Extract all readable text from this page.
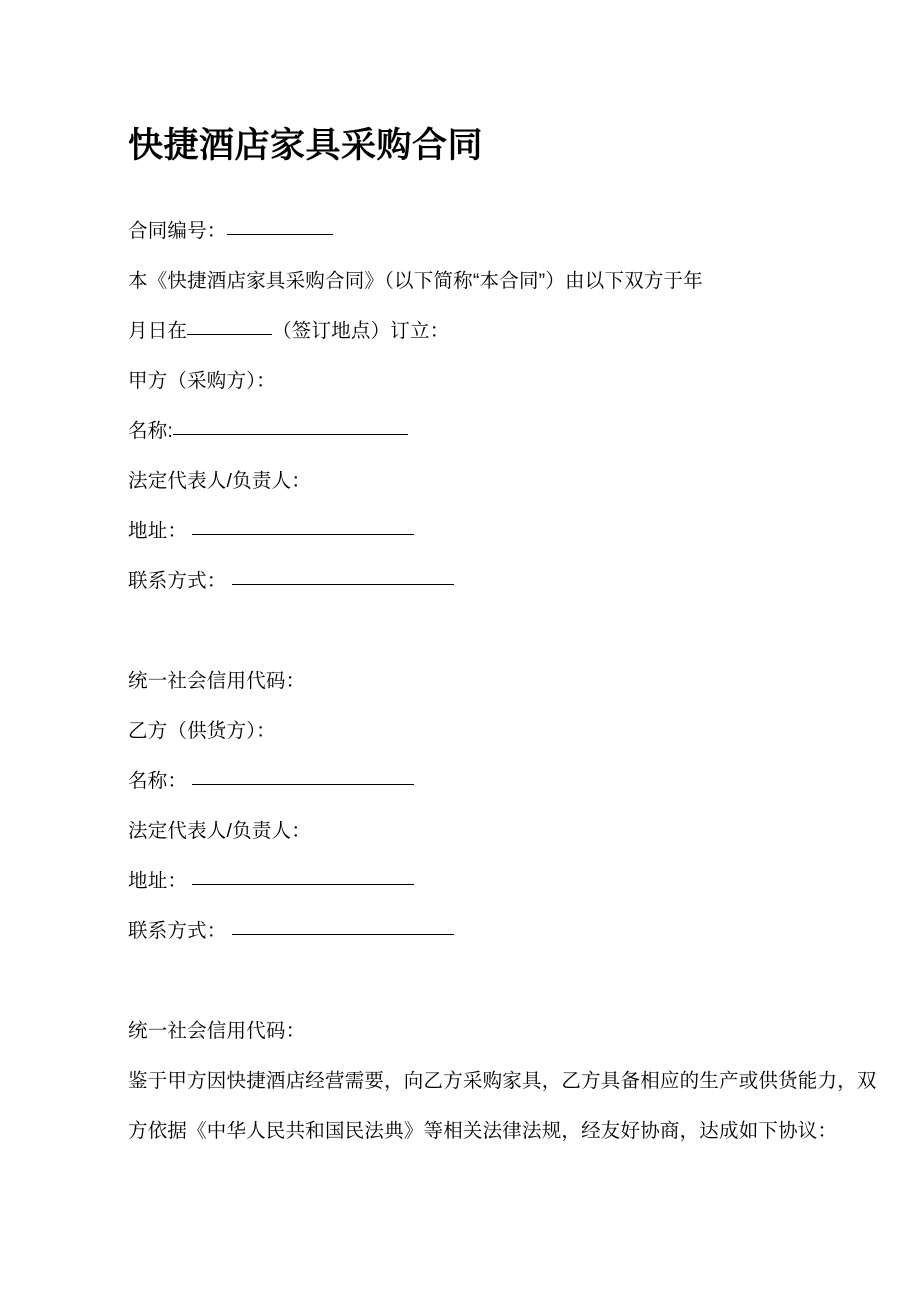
快捷酒店家具采购合同
合同编号：
本《快捷酒店家具采购合同》（以下简称“本合同”）由以下双方于年
月日在	（签订地点）订立：
甲方（采购方）：
名称:
法定代表人/负责人：
地址：
联系方式：
统一社会信用代码：
乙方（供货方）：
名称：
法定代表人/负责人：
地址：
联系方式：
统一社会信用代码：
鉴于甲方因快捷酒店经营需要，向乙方采购家具，乙方具备相应的生产或供货能力，双
方依据《中华人民共和国民法典》等相关法律法规，经友好协商，达成如下协议：
